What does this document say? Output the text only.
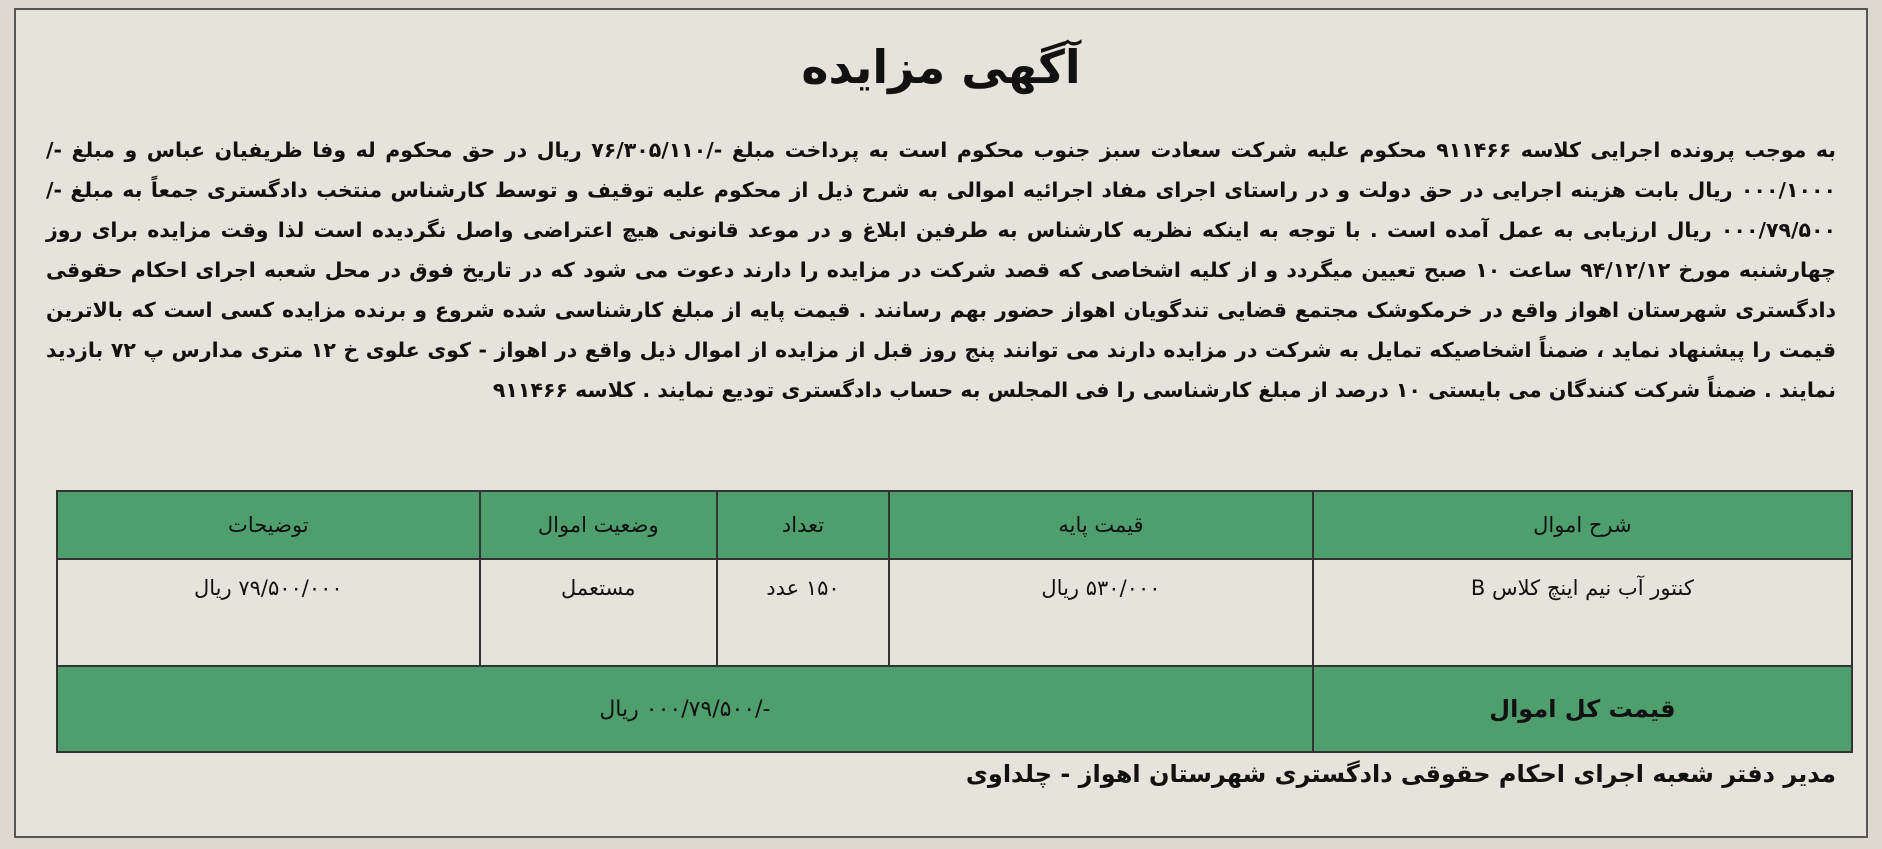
آگهی مزایده
به موجب پرونده اجرایی کلاسه ۹۱۱۴۶۶ محکوم علیه شرکت سعادت سبز جنوب محکوم است به پرداخت مبلغ -/۷۶/۳۰۵/۱۱۰ ریال در حق محکوم له وفا ظریفیان عباس و مبلغ -/۰۰۰/۱۰۰۰ ریال بابت هزینه اجرایی در حق دولت و در راستای اجرای مفاد اجرائیه اموالی به شرح ذیل از محکوم علیه توقیف و توسط کارشناس منتخب دادگستری جمعاً به مبلغ -/۰۰۰/۷۹/۵۰۰ ریال ارزیابی به عمل آمده است . با توجه به اینکه نظریه کارشناس به طرفین ابلاغ و در موعد قانونی هیچ اعتراضی واصل نگردیده است لذا وقت مزایده برای روز چهارشنبه مورخ ۹۴/۱۲/۱۲ ساعت ۱۰ صبح تعیین میگردد و از کلیه اشخاصی که قصد شرکت در مزایده را دارند دعوت می شود که در تاریخ فوق در محل شعبه اجرای احکام حقوقی دادگستری شهرستان اهواز واقع در خرمکوشک مجتمع قضایی تندگویان اهواز حضور بهم رسانند . قیمت پایه از مبلغ کارشناسی شده شروع و برنده مزایده کسی است که بالاترین قیمت را پیشنهاد نماید ، ضمناً اشخاصیکه تمایل به شرکت در مزایده دارند می توانند پنج روز قبل از مزایده از اموال ذیل واقع در اهواز - کوی علوی خ ۱۲ متری مدارس پ ۷۲ بازدید نمایند . ضمناً شرکت کنندگان می بایستی ۱۰ درصد از مبلغ کارشناسی را فی المجلس به حساب دادگستری تودیع نمایند . کلاسه ۹۱۱۴۶۶
شرح اموال	قیمت پایه	تعداد	وضعیت اموال	توضیحات
کنتور آب نیم اینچ کلاس B	۵۳۰/۰۰۰ ریال	۱۵۰ عدد	مستعمل	۷۹/۵۰۰/۰۰۰ ریال
قیمت کل اموال	-/۰۰۰/۷۹/۵۰۰ ریال			
مدیر دفتر شعبه اجرای احکام حقوقی دادگستری شهرستان اهواز - چلداوی
